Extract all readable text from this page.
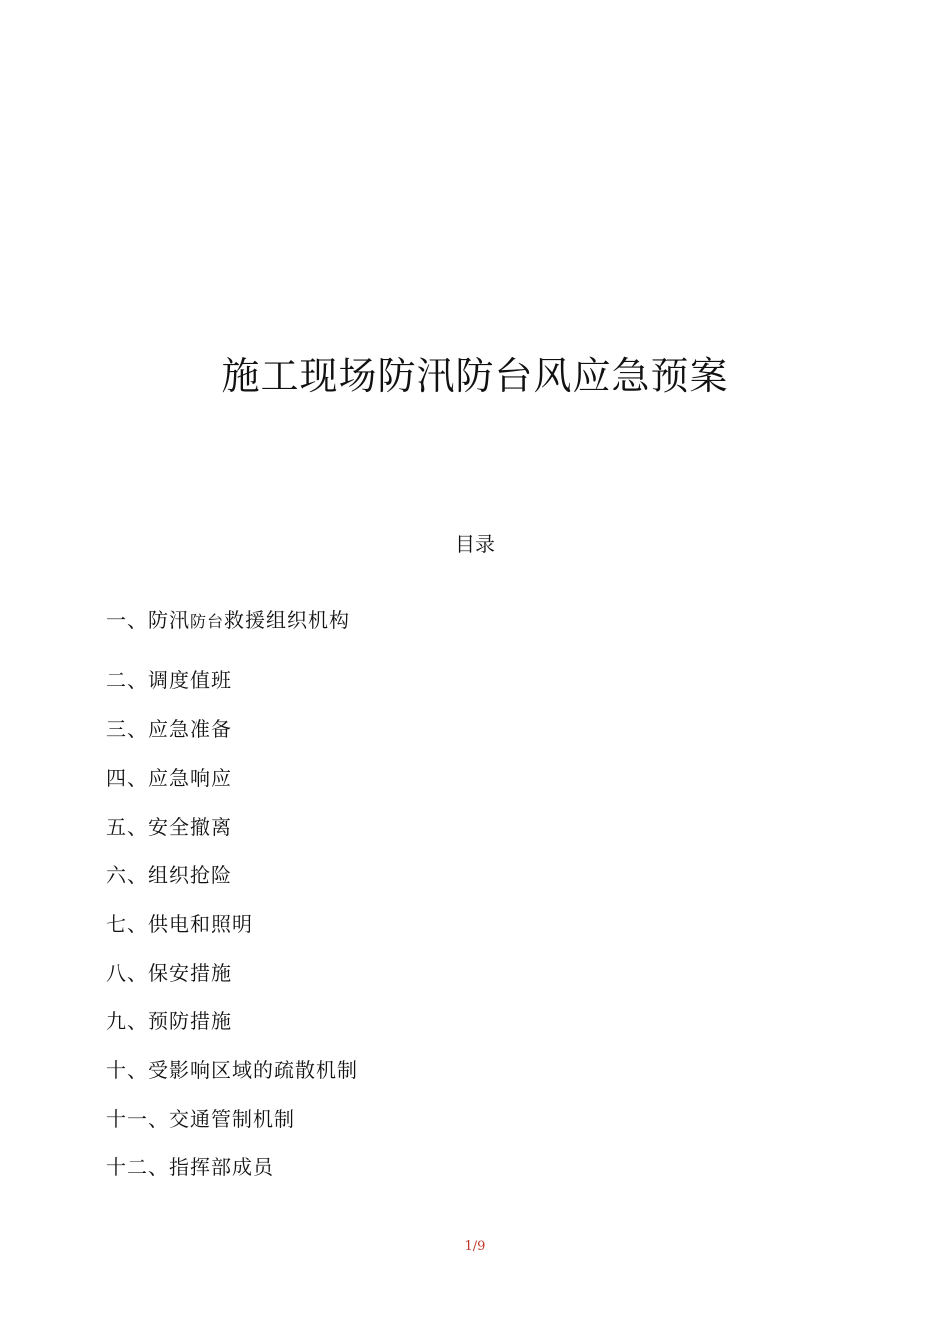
施工现场防汛防台风应急预案
目录
一、防汛防台救援组织机构
二、调度值班
三、应急准备
四、应急响应
五、安全撤离
六、组织抢险
七、供电和照明
八、保安措施
九、预防措施
十、受影响区域的疏散机制
十一、交通管制机制
十二、指挥部成员
1/9
